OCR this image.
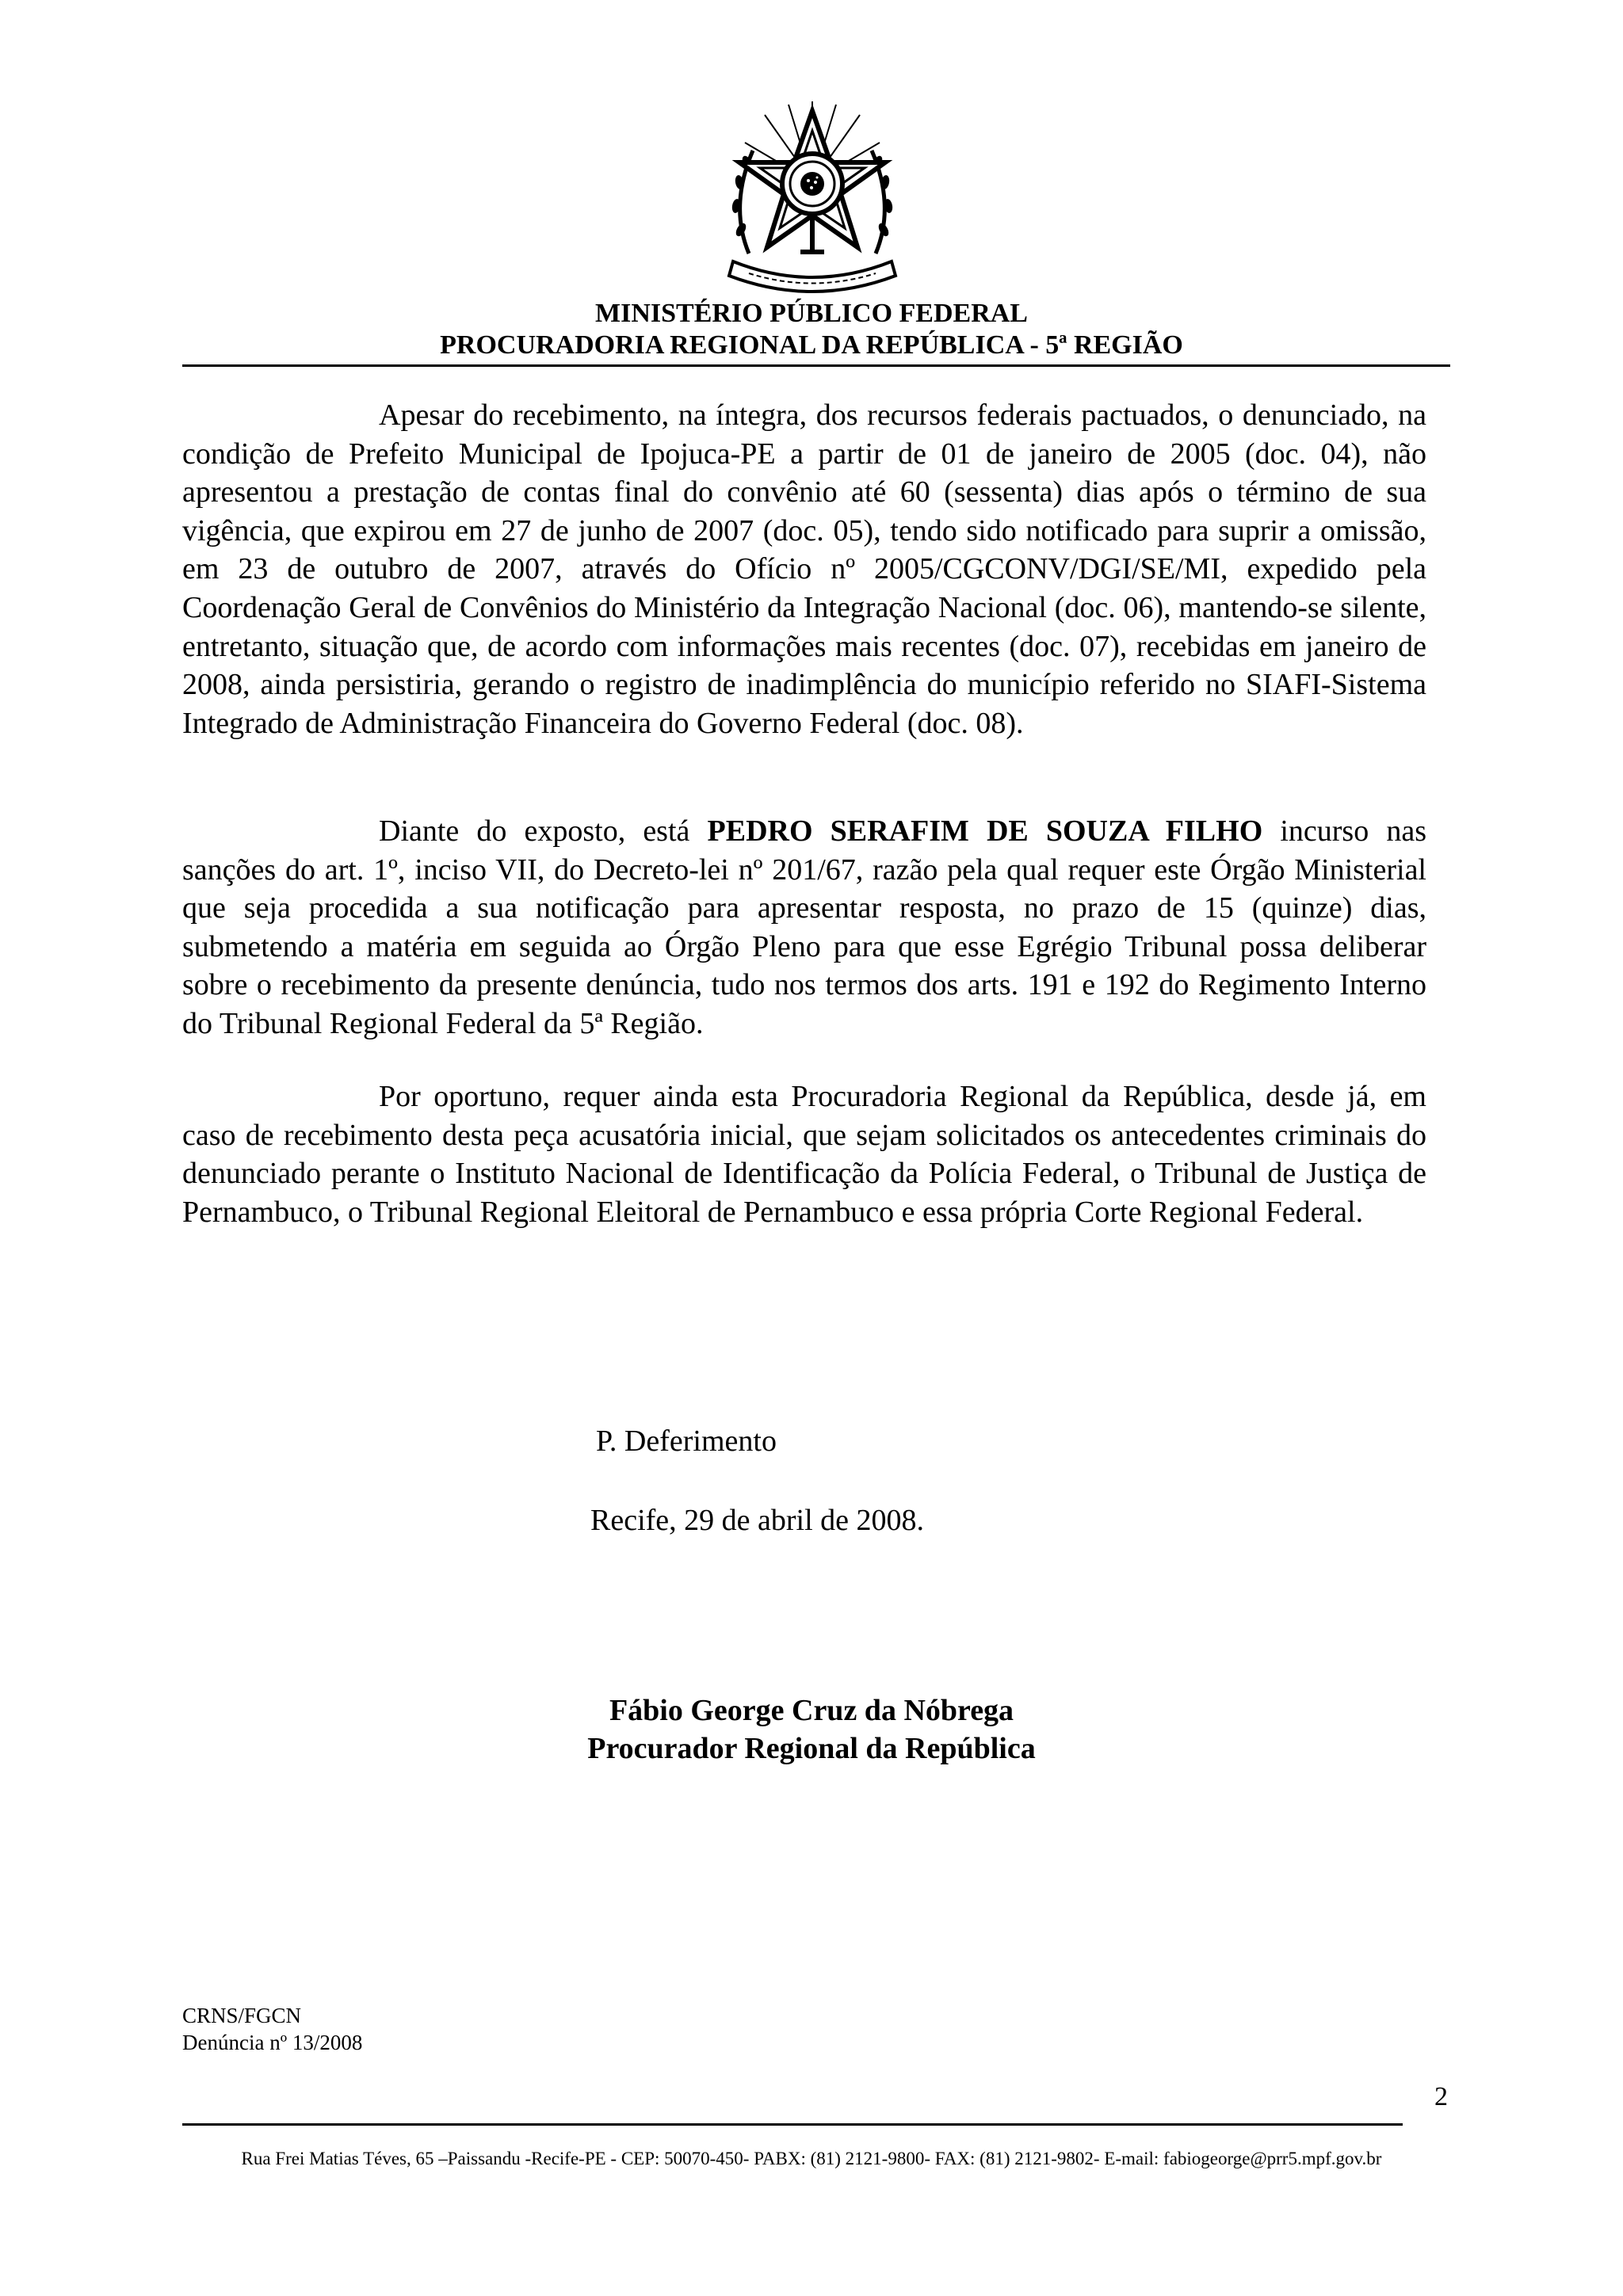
MINISTÉRIO PÚBLICO FEDERAL
PROCURADORIA REGIONAL DA REPÚBLICA - 5ª REGIÃO

Apesar do recebimento, na íntegra, dos recursos federais pactuados, o denunciado, na condição de Prefeito Municipal de Ipojuca-PE a partir de 01 de janeiro de 2005 (doc. 04), não apresentou a prestação de contas final do convênio até 60 (sessenta) dias após o término de sua vigência, que expirou em 27 de junho de 2007 (doc. 05), tendo sido notificado para suprir a omissão, em 23 de outubro de 2007, através do Ofício nº 2005/CGCONV/DGI/SE/MI, expedido pela Coordenação Geral de Convênios do Ministério da Integração Nacional (doc. 06), mantendo-se silente, entretanto, situação que, de acordo com informações mais recentes (doc. 07), recebidas em janeiro de 2008, ainda persistiria, gerando o registro de inadimplência do município referido no SIAFI-Sistema Integrado de Administração Financeira do Governo Federal (doc. 08).

Diante do exposto, está PEDRO SERAFIM DE SOUZA FILHO incurso nas sanções do art. 1º, inciso VII, do Decreto-lei nº 201/67, razão pela qual requer este Órgão Ministerial que seja procedida a sua notificação para apresentar resposta, no prazo de 15 (quinze) dias, submetendo a matéria em seguida ao Órgão Pleno para que esse Egrégio Tribunal possa deliberar sobre o recebimento da presente denúncia, tudo nos termos dos arts. 191 e 192 do Regimento Interno do Tribunal Regional Federal da 5ª Região.

Por oportuno, requer ainda esta Procuradoria Regional da República, desde já, em caso de recebimento desta peça acusatória inicial, que sejam solicitados os antecedentes criminais do denunciado perante o Instituto Nacional de Identificação da Polícia Federal, o Tribunal de Justiça de Pernambuco, o Tribunal Regional Eleitoral de Pernambuco e essa própria Corte Regional Federal.

P. Deferimento
Recife, 29 de abril de 2008.
Fábio George Cruz da Nóbrega
Procurador Regional da República
CRNS/FGCN
Denúncia nº 13/2008
2
Rua Frei Matias Téves, 65 –Paissandu -Recife-PE - CEP: 50070-450- PABX: (81) 2121-9800- FAX: (81) 2121-9802- E-mail: fabiogeorge@prr5.mpf.gov.br
